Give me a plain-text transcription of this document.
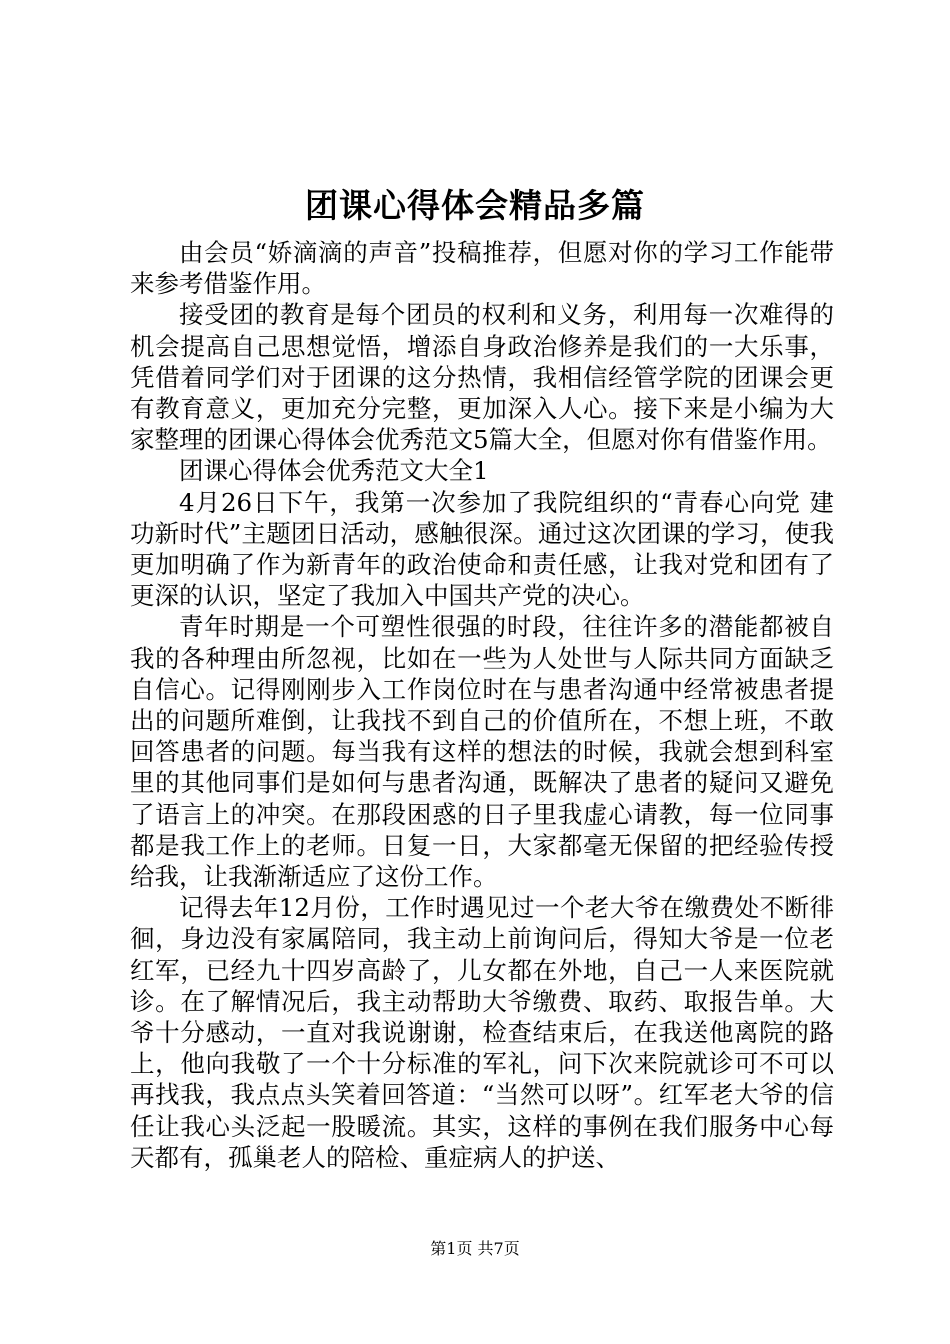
团课心得体会精品多篇

由会员“娇滴滴的声音”投稿推荐，但愿对你的学习工作能带来参考借鉴作用。

接受团的教育是每个团员的权利和义务，利用每一次难得的机会提高自己思想觉悟，增添自身政治修养是我们的一大乐事，凭借着同学们对于团课的这分热情，我相信经管学院的团课会更有教育意义，更加充分完整，更加深入人心。接下来是小编为大家整理的团课心得体会优秀范文5篇大全，但愿对你有借鉴作用。

团课心得体会优秀范文大全1

4月26日下午，我第一次参加了我院组织的“青春心向党 建功新时代”主题团日活动，感触很深。通过这次团课的学习，使我更加明确了作为新青年的政治使命和责任感，让我对党和团有了更深的认识，坚定了我加入中国共产党的决心。

青年时期是一个可塑性很强的时段，往往许多的潜能都被自我的各种理由所忽视，比如在一些为人处世与人际共同方面缺乏自信心。记得刚刚步入工作岗位时在与患者沟通中经常被患者提出的问题所难倒，让我找不到自己的价值所在，不想上班，不敢回答患者的问题。每当我有这样的想法的时候，我就会想到科室里的其他同事们是如何与患者沟通，既解决了患者的疑问又避免了语言上的冲突。在那段困惑的日子里我虚心请教，每一位同事都是我工作上的老师。日复一日，大家都毫无保留的把经验传授给我，让我渐渐适应了这份工作。

记得去年12月份，工作时遇见过一个老大爷在缴费处不断徘徊，身边没有家属陪同，我主动上前询问后，得知大爷是一位老红军，已经九十四岁高龄了，儿女都在外地，自己一人来医院就诊。在了解情况后，我主动帮助大爷缴费、取药、取报告单。大爷十分感动，一直对我说谢谢，检查结束后，在我送他离院的路上，他向我敬了一个十分标准的军礼，问下次来院就诊可不可以再找我，我点点头笑着回答道：“当然可以呀”。红军老大爷的信任让我心头泛起一股暖流。其实，这样的事例在我们服务中心每天都有，孤巢老人的陪检、重症病人的护送、

第1页 共7页
